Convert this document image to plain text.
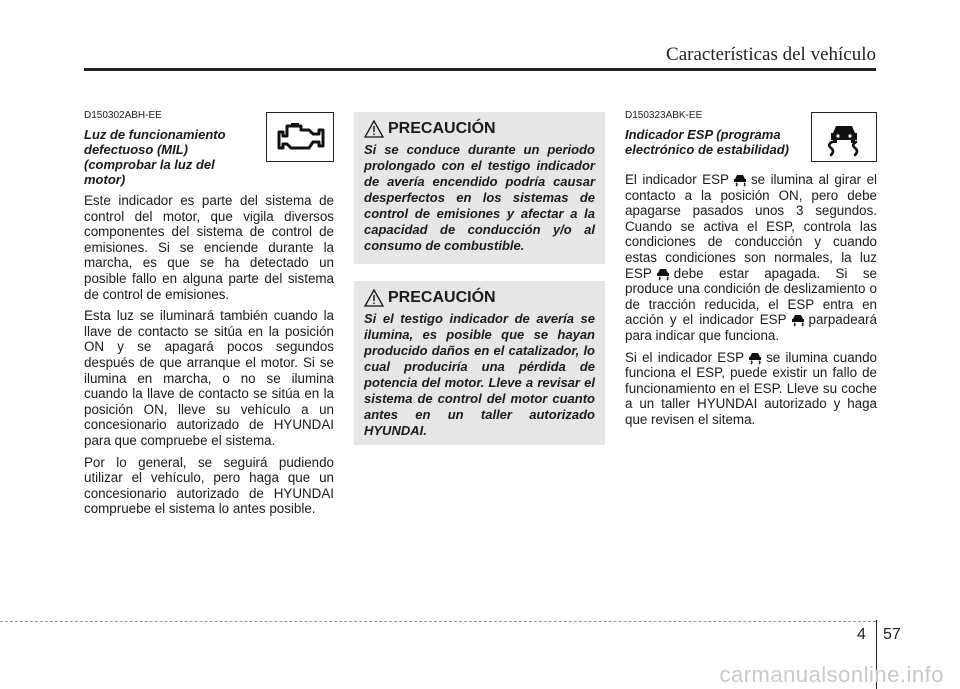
Características del vehículo
D150302ABH-EE
Luz de funcionamiento
defectuoso (MIL)
(comprobar la luz del
motor)

Este indicador es parte del sistema de control del motor, que vigila diversos componentes del sistema de control de emisiones. Si se enciende durante la marcha, es que se ha detectado un posible fallo en alguna parte del sistema de control de emisiones.

Esta luz se iluminará también cuando la llave de contacto se sitúa en la posición ON y se apagará pocos segundos después de que arranque el motor. Si se ilumina en marcha, o no se ilumina cuando la llave de contacto se sitúa en la posición ON, lleve su vehículo a un concesionario autorizado de HYUNDAI para que compruebe el sistema.

Por lo general, se seguirá pudiendo utilizar el vehículo, pero haga que un concesionario autorizado de HYUNDAI compruebe el sistema lo antes posible.

PRECAUCIÓN

Si se conduce durante un periodo prolongado con el testigo indicador de avería encendido podría causar desperfectos en los sistemas de control de emisiones y afectar a la capacidad de conducción y/o al consumo de combustible.

PRECAUCIÓN

Si el testigo indicador de avería se ilumina, es posible que se hayan producido daños en el catalizador, lo cual produciría una pérdida de potencia del motor. Lleve a revisar el sistema de control del motor cuanto antes en un taller autorizado HYUNDAI.

D150323ABK-EE
Indicador ESP (programa
electrónico de estabilidad)

El indicador ESP se ilumina al girar el contacto a la posición ON, pero debe apagarse pasados unos 3 segundos. Cuando se activa el ESP, controla las condiciones de conducción y cuando estas condiciones son normales, la luz ESP debe estar apagada. Si se produce una condición de deslizamiento o de tracción reducida, el ESP entra en acción y el indicador ESP parpadeará para indicar que funciona.

Si el indicador ESP se ilumina cuando funciona el ESP, puede existir un fallo de funcionamiento en el ESP. Lleve su coche a un taller HYUNDAI autorizado y haga que revisen el sitema.

4 57
carmanualsonline.info
